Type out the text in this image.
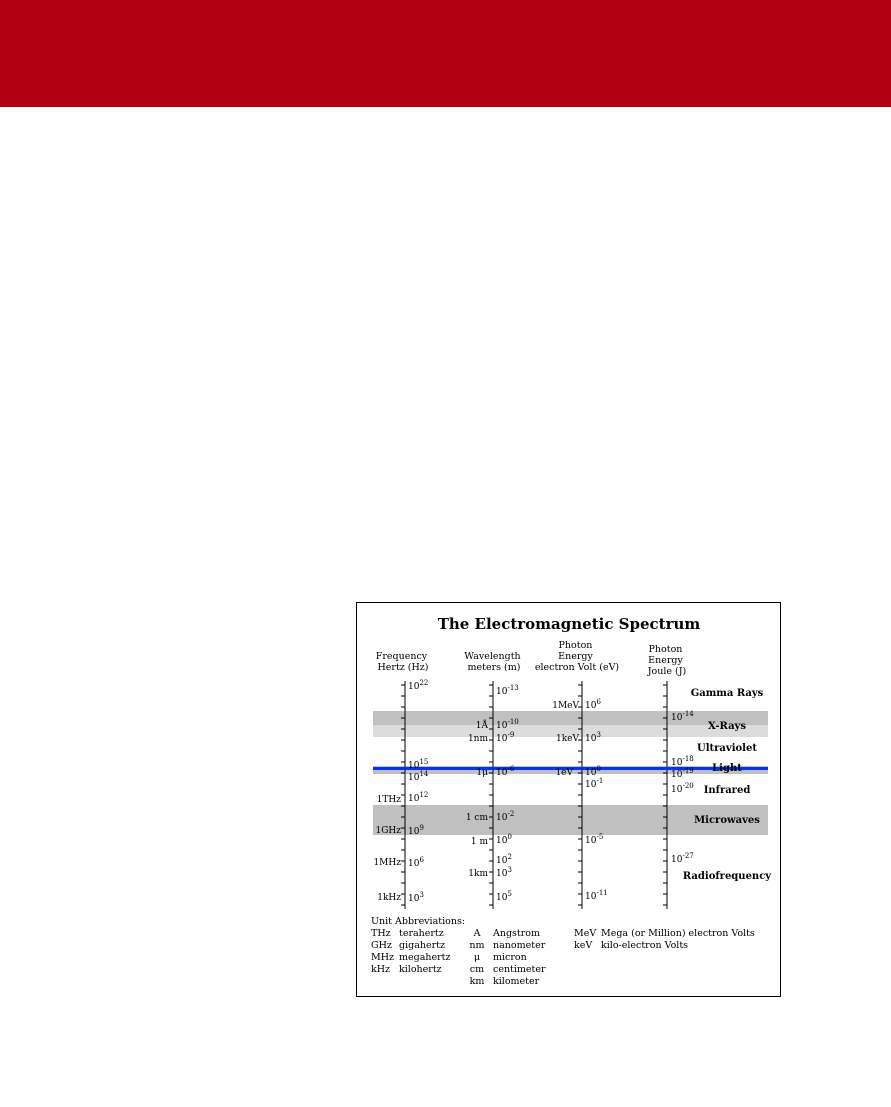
The Electromagnetic Spectrum
Frequency Hertz (Hz)
Wavelength meters (m)
Photon Energy electron Volt (eV)
Photon Energy Joule (J)
$10^{22}$
$10^{15}$
$10^{14}$
1THz $10^{12}$
1GHz $10^9$
1MHz $10^6$
1kHz $10^3$
$10^{-13}$
1Å $10^{-10}$
1nm $10^{-9}$
1μ $10^{-6}$
1 cm $10^{-2}$
1 m $10^0$
$10^2$
1km $10^3$
$10^5$
1MeV $10^6$
1keV $10^3$
1eV $10^0$
$10^{-1}$
$10^{-5}$
$10^{-11}$
$10^{-14}$
$10^{-18}$
$10^{-19}$
$10^{-20}$
$10^{-27}$
Gamma Rays
X-Rays
Ultraviolet
Light
Infrared
Microwaves
Radiofrequency
Unit Abbreviations:
THz terahertz
GHz gigahertz
MHz megahertz
kHz kilohertz
A Angstrom
nm nanometer
μ micron
cm centimeter
km kilometer
MeV Mega (or Million) electron Volts
keV kilo-electron Volts
